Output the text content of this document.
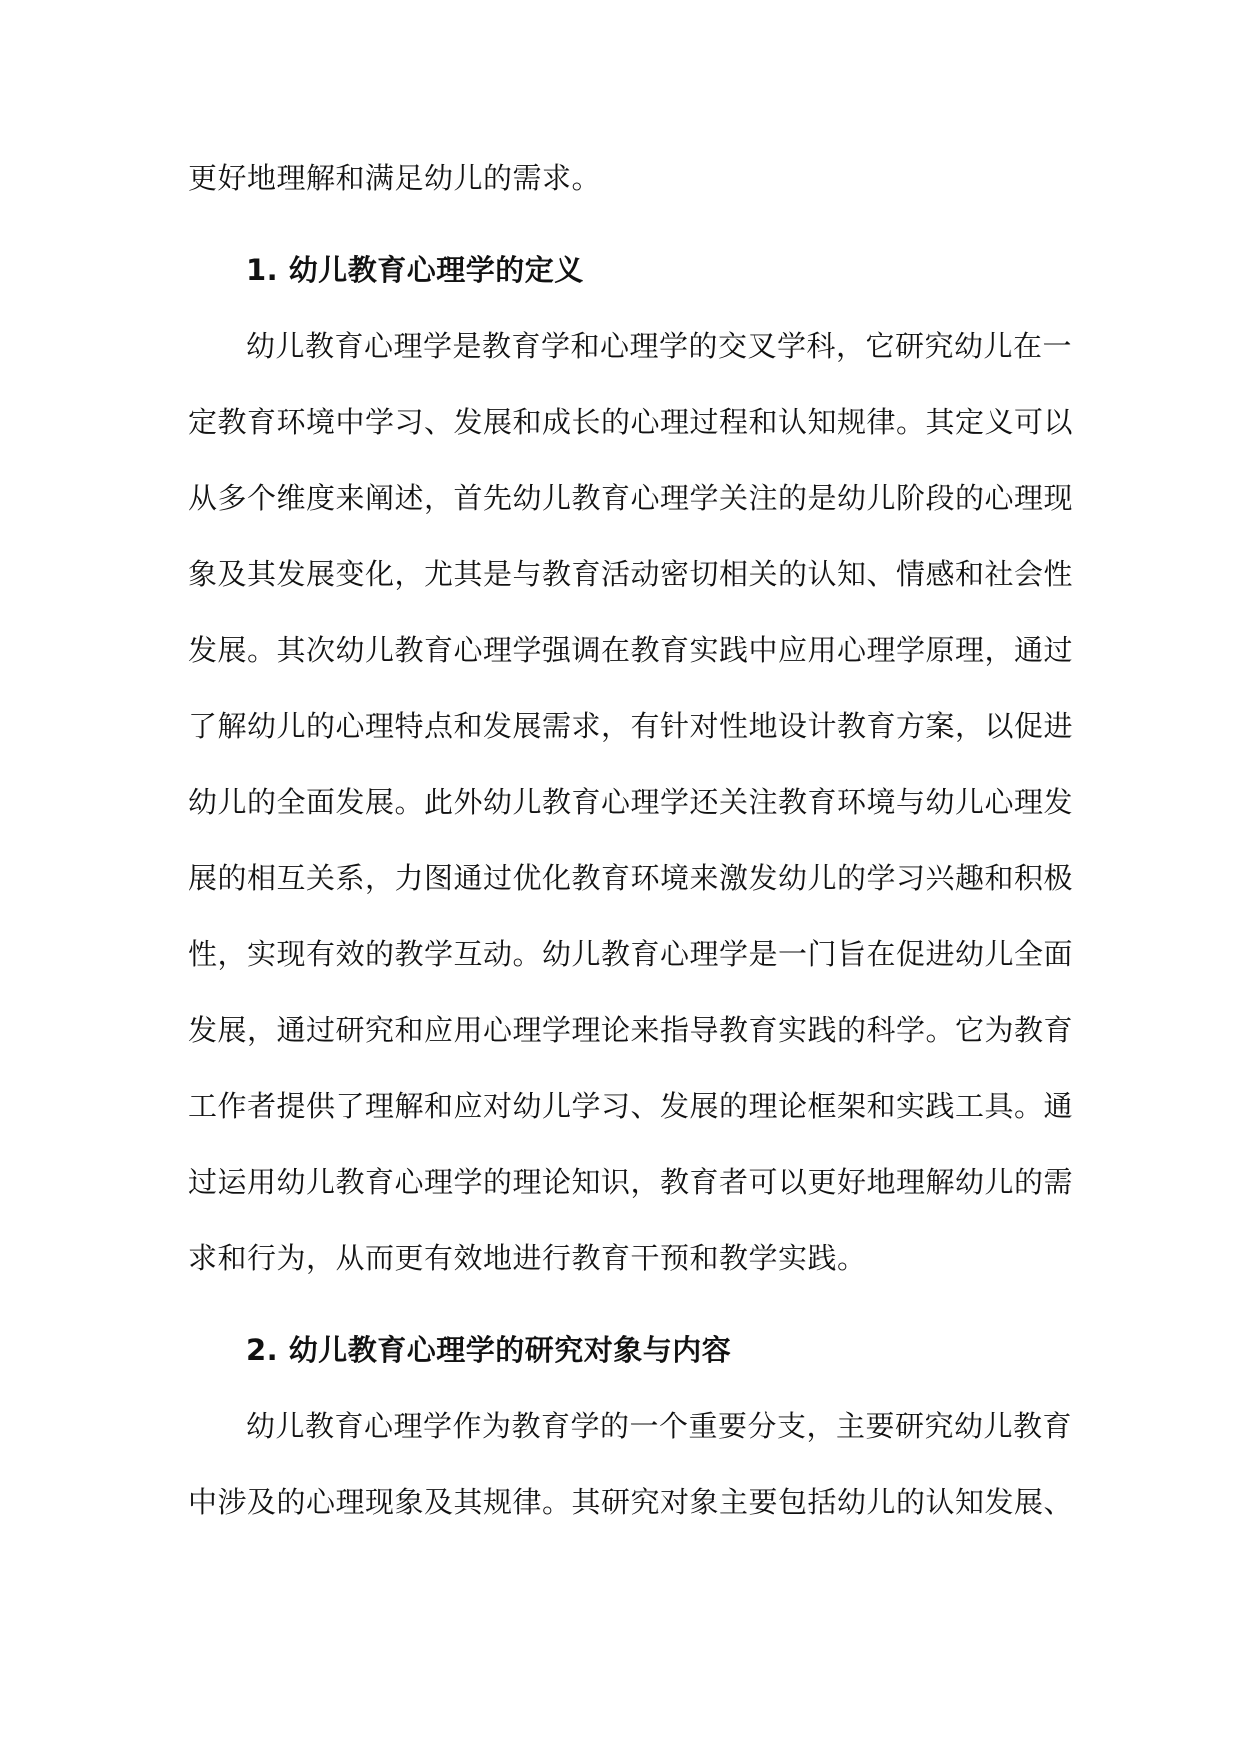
更好地理解和满足幼儿的需求。
1. 幼儿教育心理学的定义
幼儿教育心理学是教育学和心理学的交叉学科，它研究幼儿在一
定教育环境中学习、发展和成长的心理过程和认知规律。其定义可以
从多个维度来阐述，首先幼儿教育心理学关注的是幼儿阶段的心理现
象及其发展变化，尤其是与教育活动密切相关的认知、情感和社会性
发展。其次幼儿教育心理学强调在教育实践中应用心理学原理，通过
了解幼儿的心理特点和发展需求，有针对性地设计教育方案，以促进
幼儿的全面发展。此外幼儿教育心理学还关注教育环境与幼儿心理发
展的相互关系，力图通过优化教育环境来激发幼儿的学习兴趣和积极
性，实现有效的教学互动。幼儿教育心理学是一门旨在促进幼儿全面
发展，通过研究和应用心理学理论来指导教育实践的科学。它为教育
工作者提供了理解和应对幼儿学习、发展的理论框架和实践工具。通
过运用幼儿教育心理学的理论知识，教育者可以更好地理解幼儿的需
求和行为，从而更有效地进行教育干预和教学实践。
2. 幼儿教育心理学的研究对象与内容
幼儿教育心理学作为教育学的一个重要分支，主要研究幼儿教育
中涉及的心理现象及其规律。其研究对象主要包括幼儿的认知发展、
